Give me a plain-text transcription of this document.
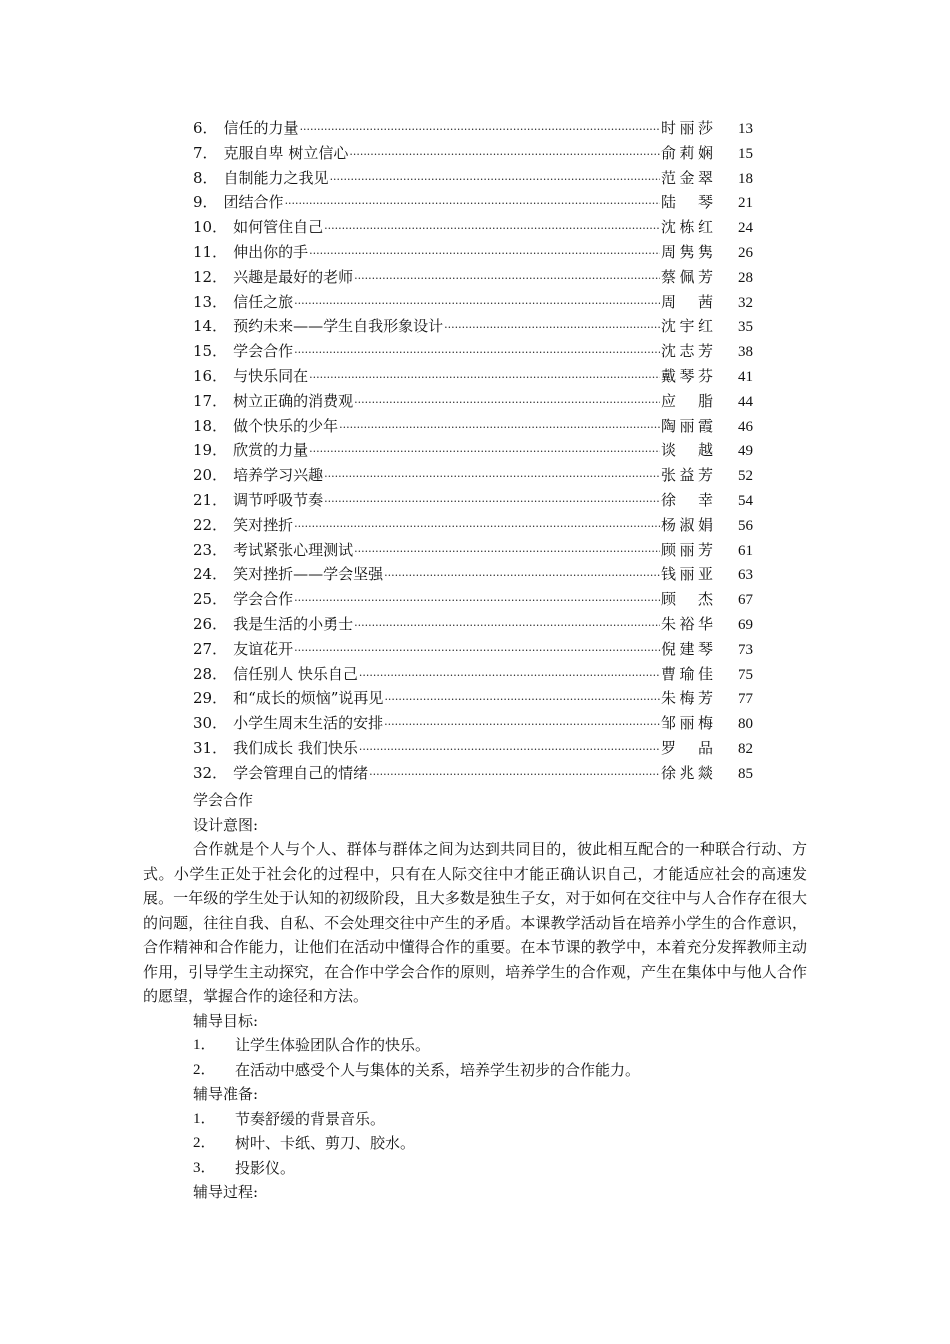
6． 信任的力量 ·····	时丽莎	13
7． 克服自卑 树立信心 ·····	俞莉娴	15
8． 自制能力之我见 ·····	范金翠	18
9． 团结合作 ·····	陆 琴	21
10． 如何管住自己 ·····	沈栋红	24
11． 伸出你的手 ·····	周隽隽	26
12． 兴趣是最好的老师 ·····	蔡佩芳	28
13． 信任之旅 ·····	周 茜	32
14． 预约未来——学生自我形象设计 ·····	沈宇红	35
15． 学会合作 ·····	沈志芳	38
16． 与快乐同在 ·····	戴琴芬	41
17． 树立正确的消费观 ·····	应 脂	44
18． 做个快乐的少年 ·····	陶丽霞	46
19． 欣赏的力量 ·····	谈 越	49
20． 培养学习兴趣 ·····	张益芳	52
21． 调节呼吸节奏 ·····	徐 幸	54
22． 笑对挫折 ·····	杨淑娟	56
23． 考试紧张心理测试 ·····	顾丽芳	61
24． 笑对挫折——学会坚强 ·····	钱丽亚	63
25． 学会合作 ·····	顾 杰	67
26． 我是生活的小勇士 ·····	朱裕华	69
27． 友谊花开 ·····	倪建琴	73
28． 信任别人 快乐自己 ·····	曹瑜佳	75
29． 和“成长的烦恼”说再见 ·····	朱梅芳	77
30． 小学生周末生活的安排 ·····	邹丽梅	80
31． 我们成长 我们快乐 ·····	罗 品	82
32． 学会管理自己的情绪 ·····	徐兆燚	85
学会合作
设计意图:
合作就是个人与个人、群体与群体之间为达到共同目的，彼此相互配合的一种联合行动、方式。小学生正处于社会化的过程中，只有在人际交往中才能正确认识自己，才能适应社会的高速发展。一年级的学生处于认知的初级阶段，且大多数是独生子女，对于如何在交往中与人合作存在很大的问题，往往自我、自私、不会处理交往中产生的矛盾。本课教学活动旨在培养小学生的合作意识，合作精神和合作能力，让他们在活动中懂得合作的重要。在本节课的教学中，本着充分发挥教师主动作用，引导学生主动探究，在合作中学会合作的原则，培养学生的合作观，产生在集体中与他人合作的愿望，掌握合作的途径和方法。
辅导目标:
1．	让学生体验团队合作的快乐。
2．	在活动中感受个人与集体的关系，培养学生初步的合作能力。
辅导准备:
1．	节奏舒缓的背景音乐。
2．	树叶、卡纸、剪刀、胶水。
3．	投影仪。
辅导过程:
